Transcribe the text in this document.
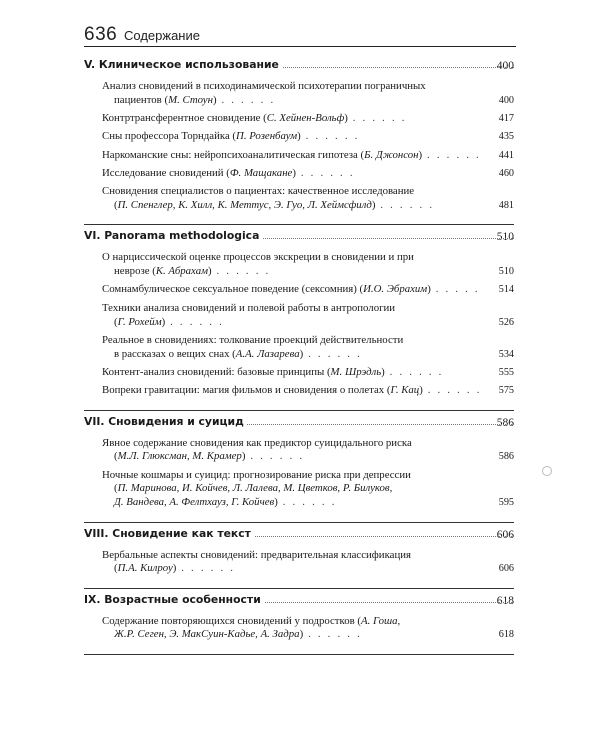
636 Содержание
V. Клиническое использование	400
Анализ сновидений в психодинамической психотерапии пограничных
пациентов (М. Стоун) . . . . . .	400
Контртрансферентное сновидение (С. Хейнен-Вольф) . . . . . .	417
Сны профессора Торндайка (П. Розенбаум) . . . . . .	435
Наркоманские сны: нейропсихоаналитическая гипотеза (Б. Джонсон) . . . . . .	441
Исследование сновидений (Ф. Мащакане) . . . . . .	460
Сновидения специалистов о пациентах: качественное исследование
(П. Спенглер, К. Хилл, К. Меттус, Э. Гуо, Л. Хеймсфилд) . . . . . .	481
VI. Panorama methodologica	510
О нарциссической оценке процессов экскреции в сновидении и при
неврозе (К. Абрахам) . . . . . .	510
Сомнамбулическое сексуальное поведение (сексомния) (И.О. Эбрахим) . . . . .	514
Техники анализа сновидений и полевой работы в антропологии
(Г. Рохейм) . . . . . .	526
Реальное в сновидениях: толкование проекций действительности
в рассказах о вещих снах (А.А. Лазарева) . . . . . .	534
Контент-анализ сновидений: базовые принципы (М. Шрэдль) . . . . . .	555
Вопреки гравитации: магия фильмов и сновидения о полетах (Г. Кац) . . . . . .	575
VII. Сновидения и суицид	586
Явное содержание сновидения как предиктор суицидального риска
(М.Л. Глюксман, М. Крамер) . . . . . .	586
Ночные кошмары и суицид: прогнозирование риска при депрессии
(П. Маринова, И. Койчев, Л. Лалева, М. Цветков, Р. Билуков,
Д. Вандева, А. Фелтхауз, Г. Койчев) . . . . . .	595
VIII. Сновидение как текст	606
Вербальные аспекты сновидений: предварительная классификация
(П.А. Килроу) . . . . . .	606
IX. Возрастные особенности	618
Содержание повторяющихся сновидений у подростков (А. Гоша,
Ж.Р. Сеген, Э. МакСуин-Кадье, А. Задра) . . . . . .	618
